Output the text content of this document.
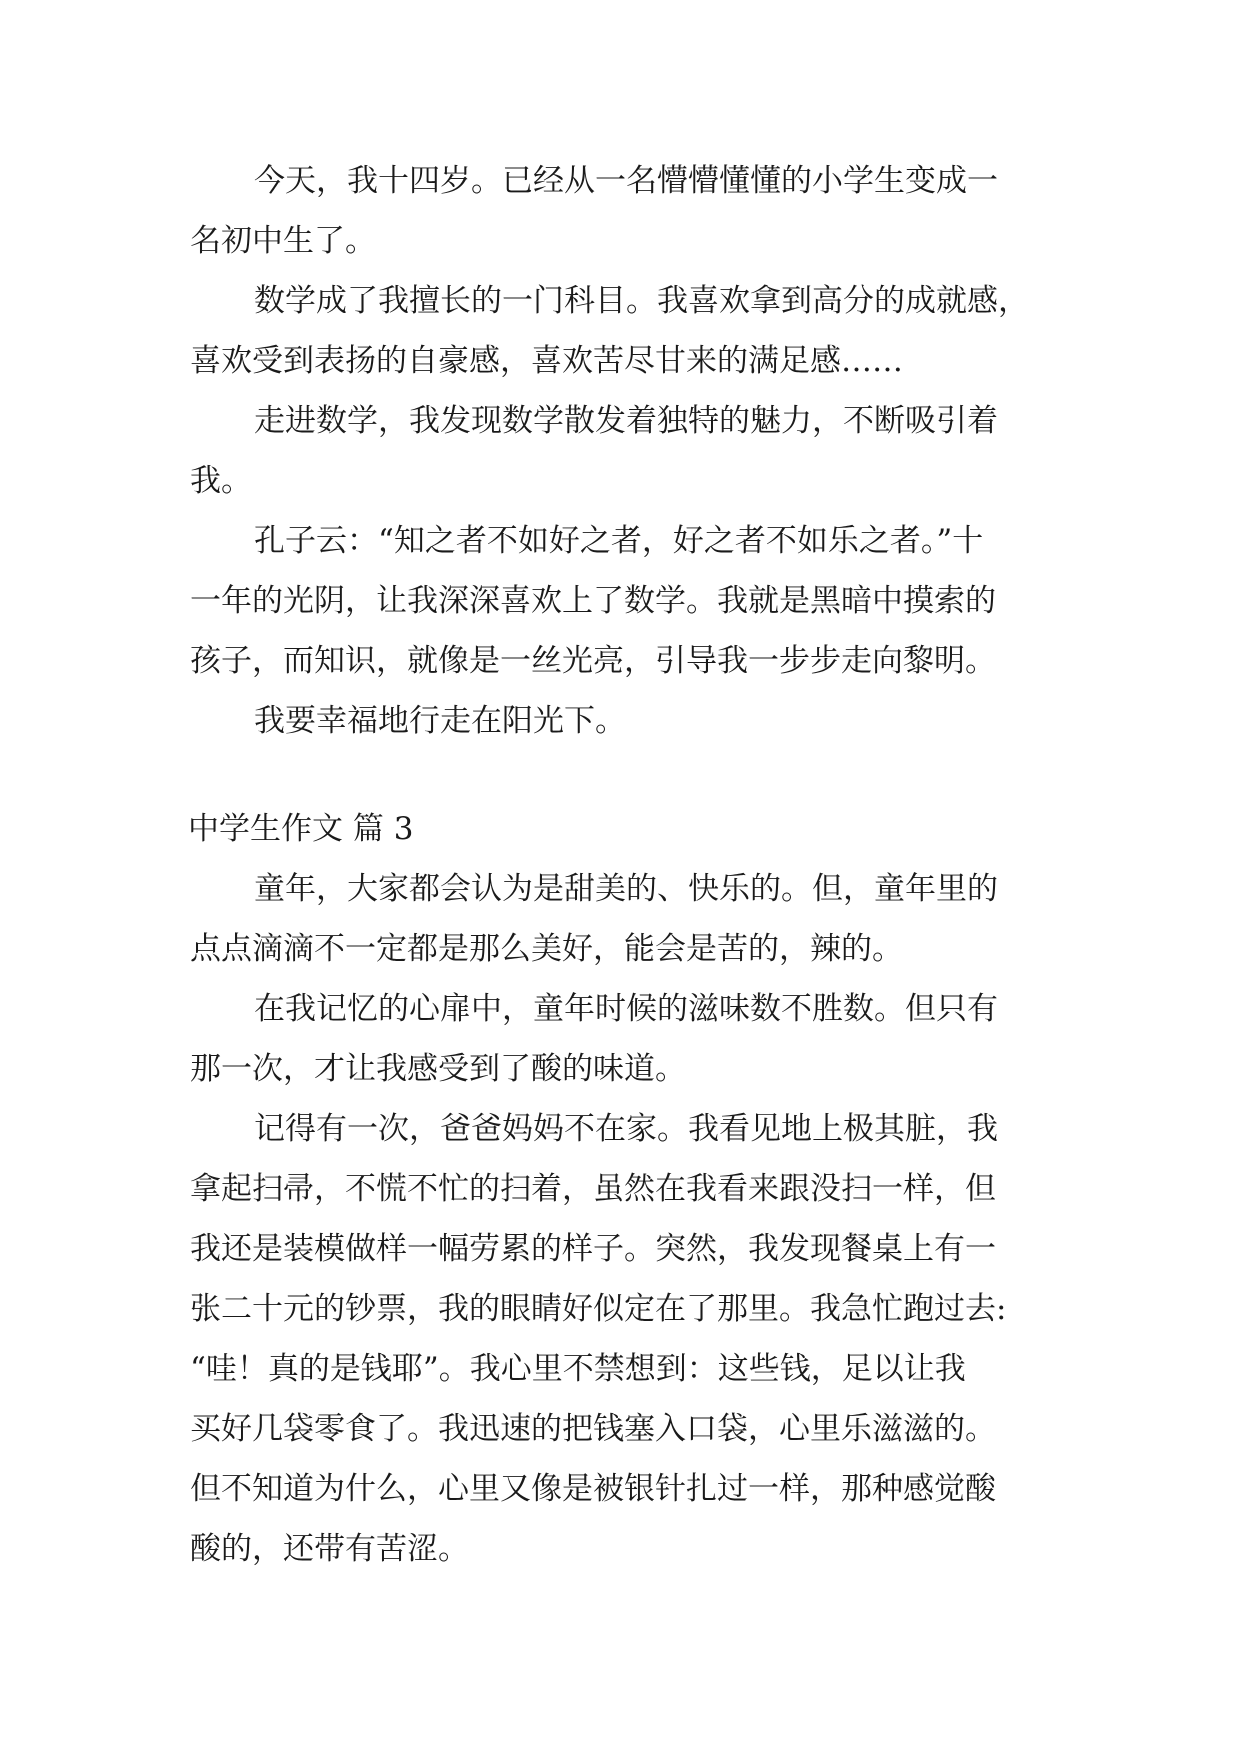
今天，我十四岁。已经从一名懵懵懂懂的小学生变成一
名初中生了。
数学成了我擅长的一门科目。我喜欢拿到高分的成就感，
喜欢受到表扬的自豪感，喜欢苦尽甘来的满足感……
走进数学，我发现数学散发着独特的魅力，不断吸引着
我。
孔子云：“知之者不如好之者，好之者不如乐之者。”十
一年的光阴，让我深深喜欢上了数学。我就是黑暗中摸索的
孩子，而知识，就像是一丝光亮，引导我一步步走向黎明。
我要幸福地行走在阳光下。
中学生作文 篇 3
童年，大家都会认为是甜美的、快乐的。但，童年里的
点点滴滴不一定都是那么美好，能会是苦的，辣的。
在我记忆的心扉中，童年时候的滋味数不胜数。但只有
那一次，才让我感受到了酸的味道。
记得有一次，爸爸妈妈不在家。我看见地上极其脏，我
拿起扫帚，不慌不忙的扫着，虽然在我看来跟没扫一样，但
我还是装模做样一幅劳累的样子。突然，我发现餐桌上有一
张二十元的钞票，我的眼睛好似定在了那里。我急忙跑过去:
“哇！真的是钱耶”。我心里不禁想到：这些钱，足以让我
买好几袋零食了。我迅速的把钱塞入口袋，心里乐滋滋的。
但不知道为什么，心里又像是被银针扎过一样，那种感觉酸
酸的，还带有苦涩。
